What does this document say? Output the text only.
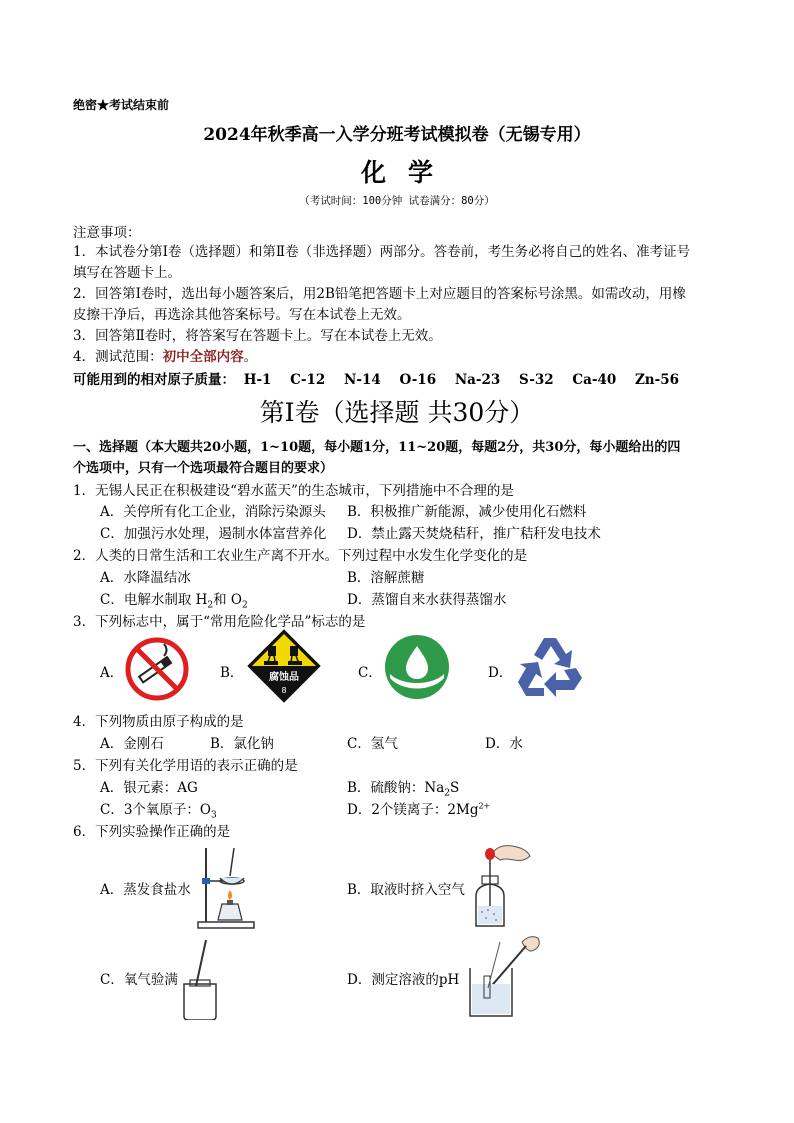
绝密★考试结束前
2024年秋季高一入学分班考试模拟卷（无锡专用）
化学
（考试时间：100分钟 试卷满分：80分）
注意事项：
1．本试卷分第Ⅰ卷（选择题）和第Ⅱ卷（非选择题）两部分。答卷前，考生务必将自己的姓名、准考证号
填写在答题卡上。
2．回答第Ⅰ卷时，选出每小题答案后，用2B铅笔把答题卡上对应题目的答案标号涂黑。如需改动，用橡
皮擦干净后，再选涂其他答案标号。写在本试卷上无效。
3．回答第Ⅱ卷时，将答案写在答题卡上。写在本试卷上无效。
4．测试范围：初中全部内容。
可能用到的相对原子质量： H-1 C-12 N-14 O-16 Na-23 S-32 Ca-40 Zn-56
第Ⅰ卷（选择题 共30分）
一、选择题（本大题共20小题，1~10题，每小题1分，11~20题，每题2分，共30分，每小题给出的四
个选项中，只有一个选项最符合题目的要求）
1．无锡人民正在积极建设“碧水蓝天”的生态城市，下列措施中不合理的是
A．关停所有化工企业，消除污染源头 B．积极推广新能源，减少使用化石燃料
C．加强污水处理，遏制水体富营养化 D．禁止露天焚烧秸秆，推广秸秆发电技术
2．人类的日常生活和工农业生产离不开水。下列过程中水发生化学变化的是
A．水降温结冰	B．溶解蔗糖
C．电解水制取 $H_2$和 $O_2$	D．蒸馏自来水获得蒸馏水
3．下列标志中，属于“常用危险化学品”标志的是
A．	B．	C．	D．
腐蚀品
8
4．下列物质由原子构成的是
A．金刚石	B．氯化钠	C．氢气	D．水
5．下列有关化学用语的表示正确的是
A．银元素：AG	B．硫酸钠：$Na_2S$
C．3个氧原子：$O_3$	D．2个镁离子：$2Mg^{2+}$
6．下列实验操作正确的是
A．蒸发食盐水	B．取液时挤入空气
C．氧气验满	D．测定溶液的pH
